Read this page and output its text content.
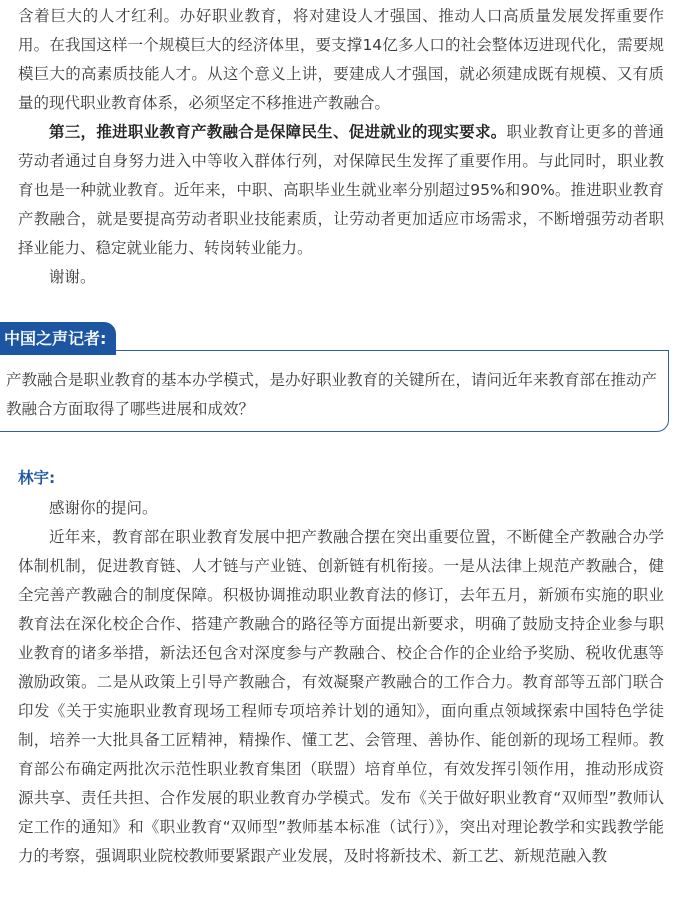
含着巨大的人才红利。办好职业教育，将对建设人才强国、推动人口高质量发展发挥重要作用。在我国这样一个规模巨大的经济体里，要支撑14亿多人口的社会整体迈进现代化，需要规模巨大的高素质技能人才。从这个意义上讲，要建成人才强国，就必须建成既有规模、又有质量的现代职业教育体系，必须坚定不移推进产教融合。

第三，推进职业教育产教融合是保障民生、促进就业的现实要求。职业教育让更多的普通劳动者通过自身努力进入中等收入群体行列，对保障民生发挥了重要作用。与此同时，职业教育也是一种就业教育。近年来，中职、高职毕业生就业率分别超过95%和90%。推进职业教育产教融合，就是要提高劳动者职业技能素质，让劳动者更加适应市场需求，不断增强劳动者职择业能力、稳定就业能力、转岗转业能力。

谢谢。

中国之声记者:

产教融合是职业教育的基本办学模式，是办好职业教育的关键所在，请问近年来教育部在推动产教融合方面取得了哪些进展和成效？

林宇:

感谢你的提问。

近年来，教育部在职业教育发展中把产教融合摆在突出重要位置，不断健全产教融合办学体制机制，促进教育链、人才链与产业链、创新链有机衔接。一是从法律上规范产教融合，健全完善产教融合的制度保障。积极协调推动职业教育法的修订，去年五月，新颁布实施的职业教育法在深化校企合作、搭建产教融合的路径等方面提出新要求，明确了鼓励支持企业参与职业教育的诸多举措，新法还包含对深度参与产教融合、校企合作的企业给予奖励、税收优惠等激励政策。二是从政策上引导产教融合，有效凝聚产教融合的工作合力。教育部等五部门联合印发《关于实施职业教育现场工程师专项培养计划的通知》，面向重点领域探索中国特色学徒制，培养一大批具备工匠精神，精操作、懂工艺、会管理、善协作、能创新的现场工程师。教育部公布确定两批次示范性职业教育集团（联盟）培育单位，有效发挥引领作用，推动形成资源共享、责任共担、合作发展的职业教育办学模式。发布《关于做好职业教育“双师型”教师认定工作的通知》和《职业教育“双师型”教师基本标准（试行）》，突出对理论教学和实践教学能力的考察，强调职业院校教师要紧跟产业发展，及时将新技术、新工艺、新规范融入教
